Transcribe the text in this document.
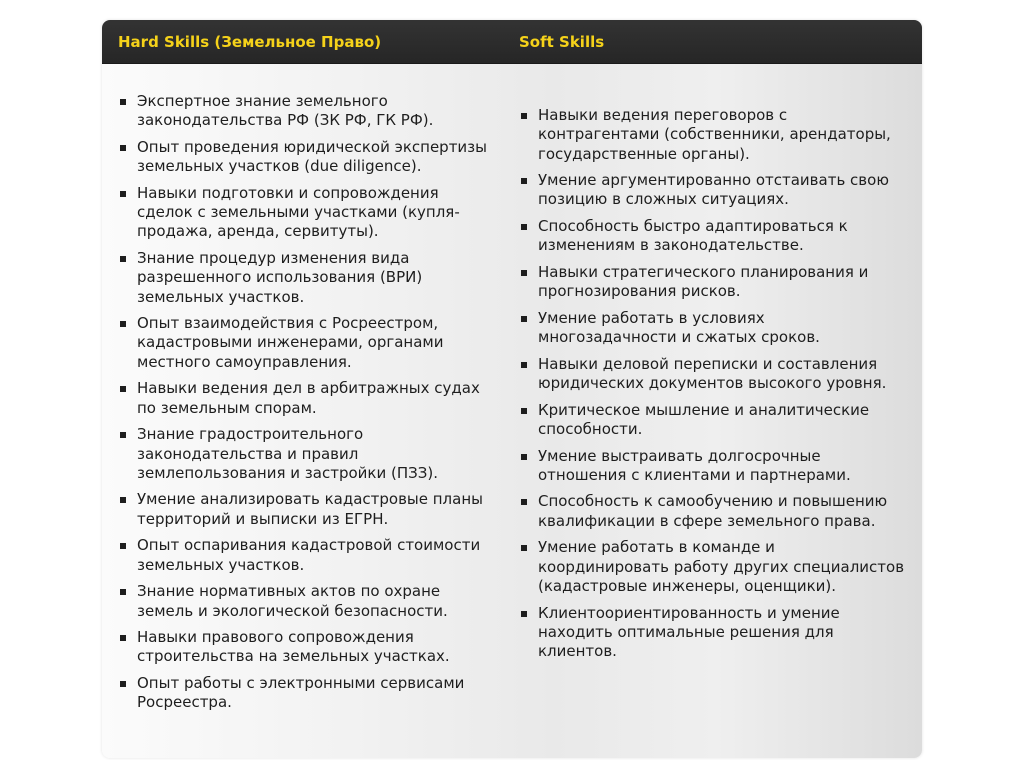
Hard Skills (Земельное Право)	Soft Skills
Экспертное знание земельного законодательства РФ (ЗК РФ, ГК РФ).
Опыт проведения юридической экспертизы земельных участков (due diligence).
Навыки подготовки и сопровождения сделок с земельными участками (купля-продажа, аренда, сервитуты).
Знание процедур изменения вида разрешенного использования (ВРИ) земельных участков.
Опыт взаимодействия с Росреестром, кадастровыми инженерами, органами местного самоуправления.
Навыки ведения дел в арбитражных судах по земельным спорам.
Знание градостроительного законодательства и правил землепользования и застройки (ПЗЗ).
Умение анализировать кадастровые планы территорий и выписки из ЕГРН.
Опыт оспаривания кадастровой стоимости земельных участков.
Знание нормативных актов по охране земель и экологической безопасности.
Навыки правового сопровождения строительства на земельных участках.
Опыт работы с электронными сервисами Росреестра.
Навыки ведения переговоров с контрагентами (собственники, арендаторы, государственные органы).
Умение аргументированно отстаивать свою позицию в сложных ситуациях.
Способность быстро адаптироваться к изменениям в законодательстве.
Навыки стратегического планирования и прогнозирования рисков.
Умение работать в условиях многозадачности и сжатых сроков.
Навыки деловой переписки и составления юридических документов высокого уровня.
Критическое мышление и аналитические способности.
Умение выстраивать долгосрочные отношения с клиентами и партнерами.
Способность к самообучению и повышению квалификации в сфере земельного права.
Умение работать в команде и координировать работу других специалистов (кадастровые инженеры, оценщики).
Клиентоориентированность и умение находить оптимальные решения для клиентов.
